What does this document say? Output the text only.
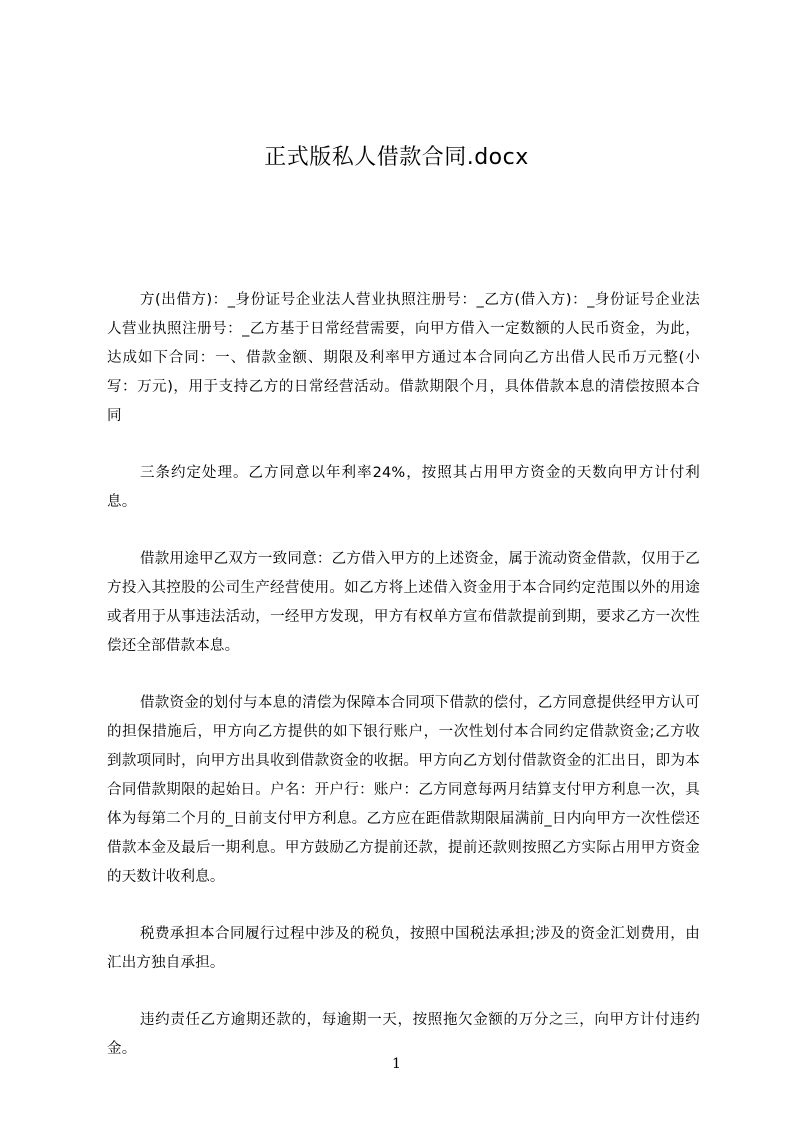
正式版私人借款合同.docx

方(出借方)：_身份证号企业法人营业执照注册号：_乙方(借入方)：_身份证号企业法人营业执照注册号：_乙方基于日常经营需要，向甲方借入一定数额的人民币资金，为此，达成如下合同：一、借款金额、期限及利率甲方通过本合同向乙方出借人民币万元整(小写：万元)，用于支持乙方的日常经营活动。借款期限个月，具体借款本息的清偿按照本合同

三条约定处理。乙方同意以年利率24%，按照其占用甲方资金的天数向甲方计付利息。

借款用途甲乙双方一致同意：乙方借入甲方的上述资金，属于流动资金借款，仅用于乙方投入其控股的公司生产经营使用。如乙方将上述借入资金用于本合同约定范围以外的用途或者用于从事违法活动，一经甲方发现，甲方有权单方宣布借款提前到期，要求乙方一次性偿还全部借款本息。

借款资金的划付与本息的清偿为保障本合同项下借款的偿付，乙方同意提供经甲方认可的担保措施后，甲方向乙方提供的如下银行账户，一次性划付本合同约定借款资金;乙方收到款项同时，向甲方出具收到借款资金的收据。甲方向乙方划付借款资金的汇出日，即为本合同借款期限的起始日。户名：开户行：账户：乙方同意每两月结算支付甲方利息一次，具体为每第二个月的_日前支付甲方利息。乙方应在距借款期限届满前_日内向甲方一次性偿还借款本金及最后一期利息。甲方鼓励乙方提前还款，提前还款则按照乙方实际占用甲方资金的天数计收利息。

税费承担本合同履行过程中涉及的税负，按照中国税法承担;涉及的资金汇划费用，由汇出方独自承担。

违约责任乙方逾期还款的，每逾期一天，按照拖欠金额的万分之三，向甲方计付违约金。

1
